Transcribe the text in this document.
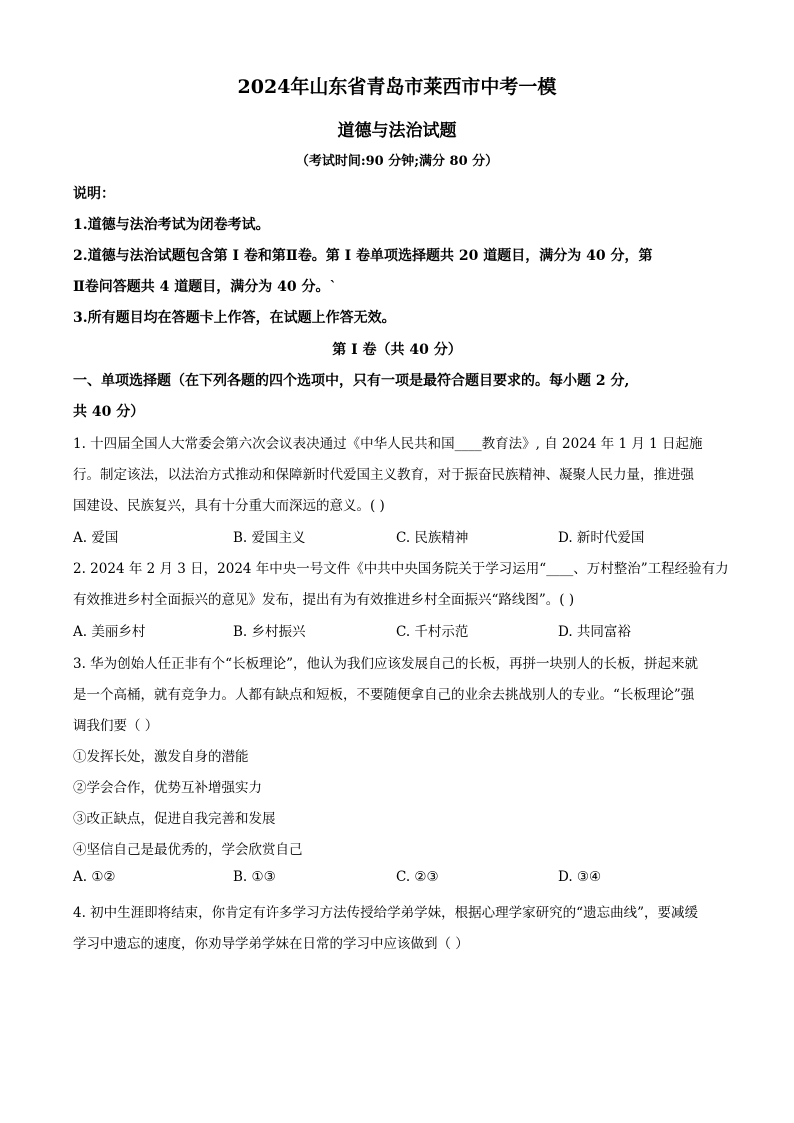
2024年山东省青岛市莱西市中考一模
道德与法治试题
（考试时间:90 分钟;满分 80 分）
说明：
1.道德与法治考试为闭卷考试。
2.道德与法治试题包含第 Ⅰ 卷和第Ⅱ卷。第 Ⅰ 卷单项选择题共 20 道题目，满分为 40 分，第
Ⅱ卷问答题共 4 道题目，满分为 40 分。`
3.所有题目均在答题卡上作答，在试题上作答无效。
第 Ⅰ 卷（共 40 分）
一、单项选择题（在下列各题的四个选项中，只有一项是最符合题目要求的。每小题 2 分,
共 40 分）
1. 十四届全国人大常委会第六次会议表决通过《中华人民共和国____教育法》, 自 2024 年 1 月 1 日起施
行。制定该法，以法治方式推动和保障新时代爱国主义教育，对于振奋民族精神、凝聚人民力量，推进强
国建设、民族复兴，具有十分重大而深远的意义。( )
A. 爱国	B. 爱国主义	C. 民族精神	D. 新时代爱国
2. 2024 年 2 月 3 日，2024 年中央一号文件《中共中央国务院关于学习运用“____、万村整治”工程经验有力
有效推进乡村全面振兴的意见》发布，提出有为有效推进乡村全面振兴“路线图”。( )
A. 美丽乡村	B. 乡村振兴	C. 千村示范	D. 共同富裕
3. 华为创始人任正非有个“长板理论”，他认为我们应该发展自己的长板，再拼一块别人的长板，拼起来就
是一个高桶，就有竞争力。人都有缺点和短板，不要随便拿自己的业余去挑战别人的专业。“长板理论”强
调我们要（ ）
①发挥长处，激发自身的潜能
②学会合作，优势互补增强实力
③改正缺点，促进自我完善和发展
④坚信自己是最优秀的，学会欣赏自己
A. ①②	B. ①③	C. ②③	D. ③④
4. 初中生涯即将结束，你肯定有许多学习方法传授给学弟学妹，根据心理学家研究的“遗忘曲线”，要减缓
学习中遗忘的速度，你劝导学弟学妹在日常的学习中应该做到（ ）
